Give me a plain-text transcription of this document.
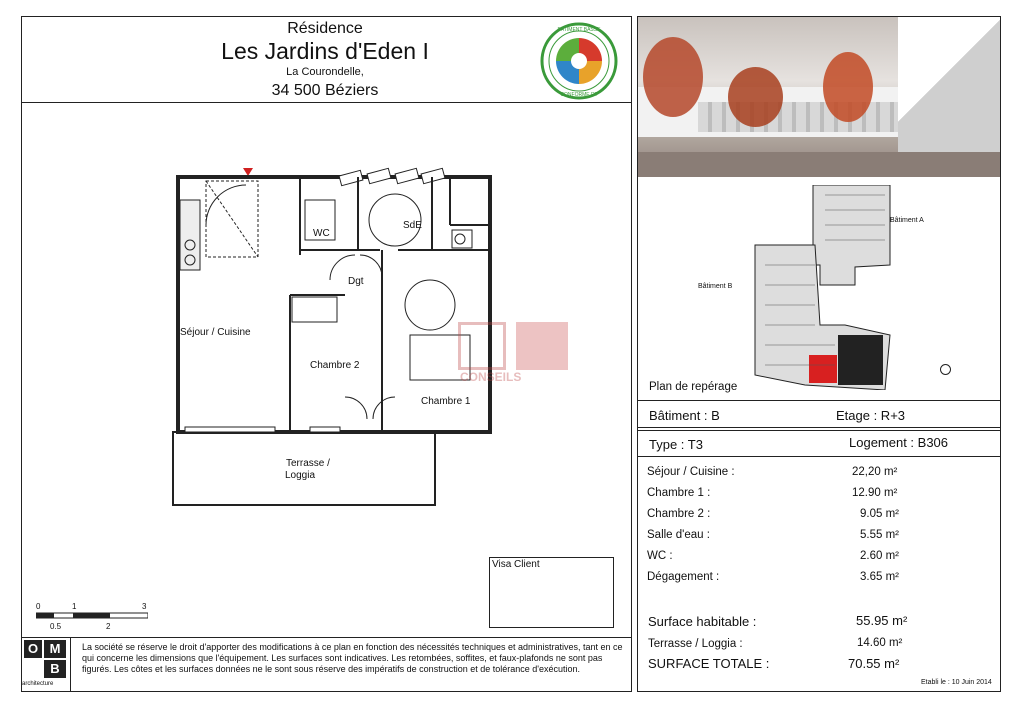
Résidence
Les Jardins d'Eden I
La Courondelle,
34 500 Béziers
BATIMENT BASSE
CONFORME RT
Séjour / Cuisine
Chambre 2
Chambre 1
WC
SdE
Dgt
Terrasse /
Loggia
CONSEILS
Visa Client
0	1	3
0.5	2
O M
B
architecture
La société se réserve le droit d'apporter des modifications à ce plan en fonction des nécessités techniques et administratives, tant en ce qui concerne les dimensions que l'équipement. Les surfaces sont indicatives. Les retombées, soffites, et faux-plafonds ne sont pas figurés. Les côtes et les surfaces données ne le sont sous réserve des impératifs de construction et de tolérance d'exécution.
Bâtiment A
Bâtiment B
Plan de repérage
Bâtiment : B	Etage : R+3
Type : T3	Logement : B306
Séjour / Cuisine :	22,20 m²
Chambre 1 :	12.90 m²
Chambre 2 :	9.05 m²
Salle d'eau :	5.55 m²
WC :	2.60 m²
Dégagement :	3.65 m²
Surface habitable :	55.95 m²
Terrasse / Loggia :	14.60 m²
SURFACE TOTALE :	70.55 m²
Etabli le : 10 Juin 2014
